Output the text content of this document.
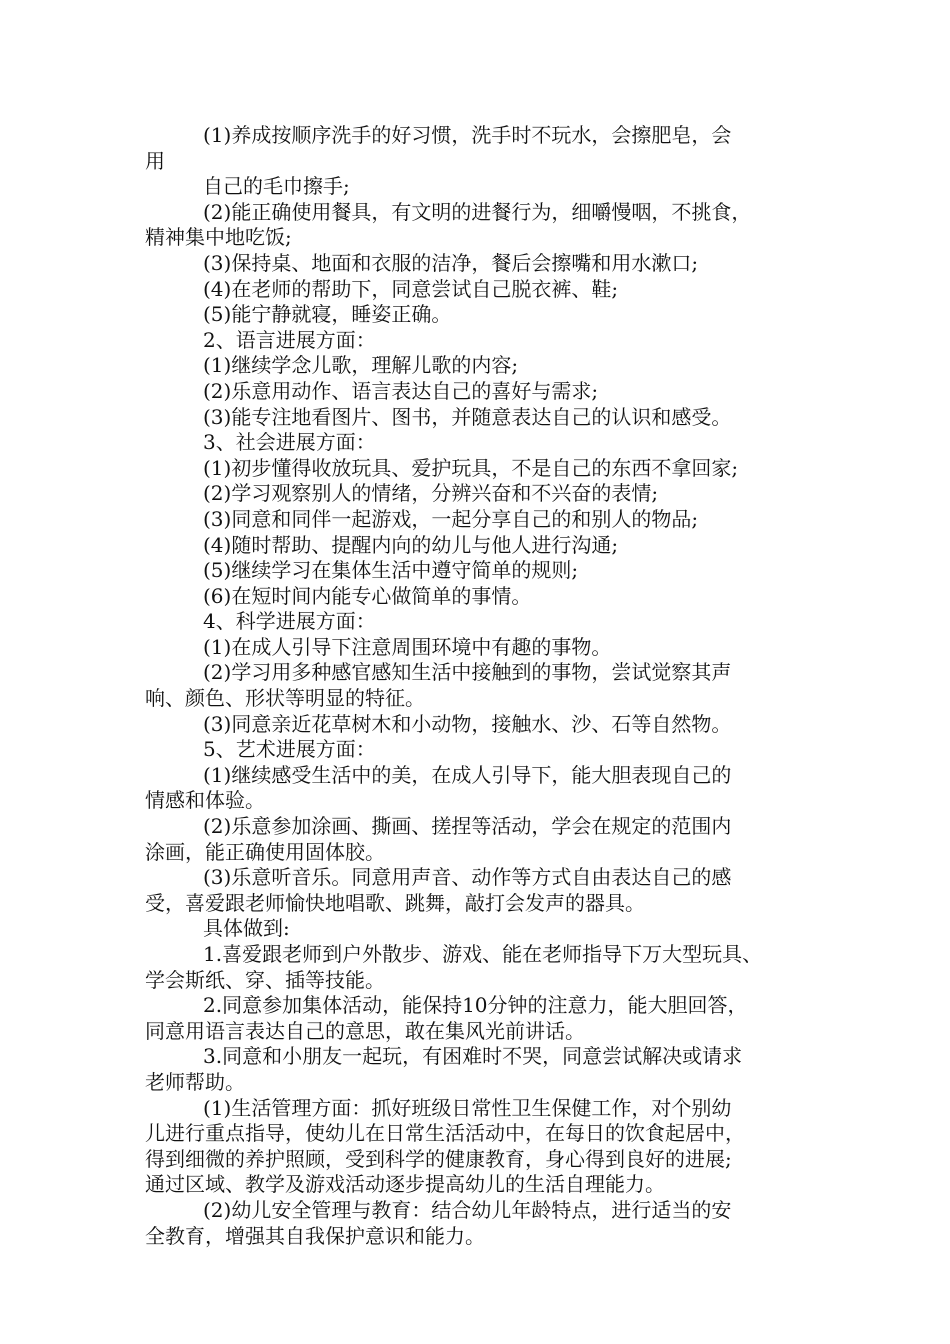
(1)养成按顺序洗手的好习惯，洗手时不玩水，会擦肥皂，会
用
自己的毛巾擦手;
(2)能正确使用餐具，有文明的进餐行为，细嚼慢咽，不挑食，
精神集中地吃饭;
(3)保持桌、地面和衣服的洁净，餐后会擦嘴和用水漱口;
(4)在老师的帮助下，同意尝试自己脱衣裤、鞋;
(5)能宁静就寝，睡姿正确。
2、语言进展方面：
(1)继续学念儿歌，理解儿歌的内容;
(2)乐意用动作、语言表达自己的喜好与需求;
(3)能专注地看图片、图书，并随意表达自己的认识和感受。
3、社会进展方面：
(1)初步懂得收放玩具、爱护玩具，不是自己的东西不拿回家;
(2)学习观察别人的情绪，分辨兴奋和不兴奋的表情;
(3)同意和同伴一起游戏，一起分享自己的和别人的物品;
(4)随时帮助、提醒内向的幼儿与他人进行沟通;
(5)继续学习在集体生活中遵守简单的规则;
(6)在短时间内能专心做简单的事情。
4、科学进展方面：
(1)在成人引导下注意周围环境中有趣的事物。
(2)学习用多种感官感知生活中接触到的事物，尝试觉察其声
响、颜色、形状等明显的特征。
(3)同意亲近花草树木和小动物，接触水、沙、石等自然物。
5、艺术进展方面：
(1)继续感受生活中的美，在成人引导下，能大胆表现自己的
情感和体验。
(2)乐意参加涂画、撕画、搓捏等活动，学会在规定的范围内
涂画，能正确使用固体胶。
(3)乐意听音乐。同意用声音、动作等方式自由表达自己的感
受，喜爱跟老师愉快地唱歌、跳舞，敲打会发声的器具。
具体做到:
1.喜爱跟老师到户外散步、游戏、能在老师指导下万大型玩具、
学会斯纸、穿、插等技能。
2.同意参加集体活动，能保持10分钟的注意力，能大胆回答，
同意用语言表达自己的意思，敢在集风光前讲话。
3.同意和小朋友一起玩，有困难时不哭，同意尝试解决或请求
老师帮助。
(1)生活管理方面：抓好班级日常性卫生保健工作，对个别幼
儿进行重点指导，使幼儿在日常生活活动中，在每日的饮食起居中，
得到细微的养护照顾，受到科学的健康教育，身心得到良好的进展;
通过区域、教学及游戏活动逐步提高幼儿的生活自理能力。
(2)幼儿安全管理与教育：结合幼儿年龄特点，进行适当的安
全教育，增强其自我保护意识和能力。
